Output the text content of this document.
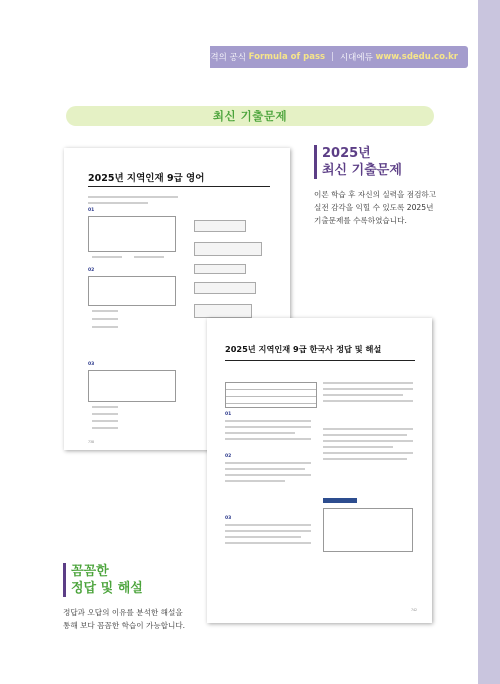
합격의 공식
Formula of pass | 시대에듀
www.sdedu.co.kr
최신 기출문제
2025년 지역인재 9급 영어
01
02
03
738
2025년 지역인재 9급 한국사 정답 및 해설
01
02
03
742
2025년
최신 기출문제
이론 학습 후 자신의 실력을 점검하고
실전 감각을 익힐 수 있도록 2025년
기출문제를 수록하였습니다.
꼼꼼한
정답 및 해설
정답과 오답의 이유를 분석한 해설을
통해 보다 꼼꼼한 학습이 가능합니다.
